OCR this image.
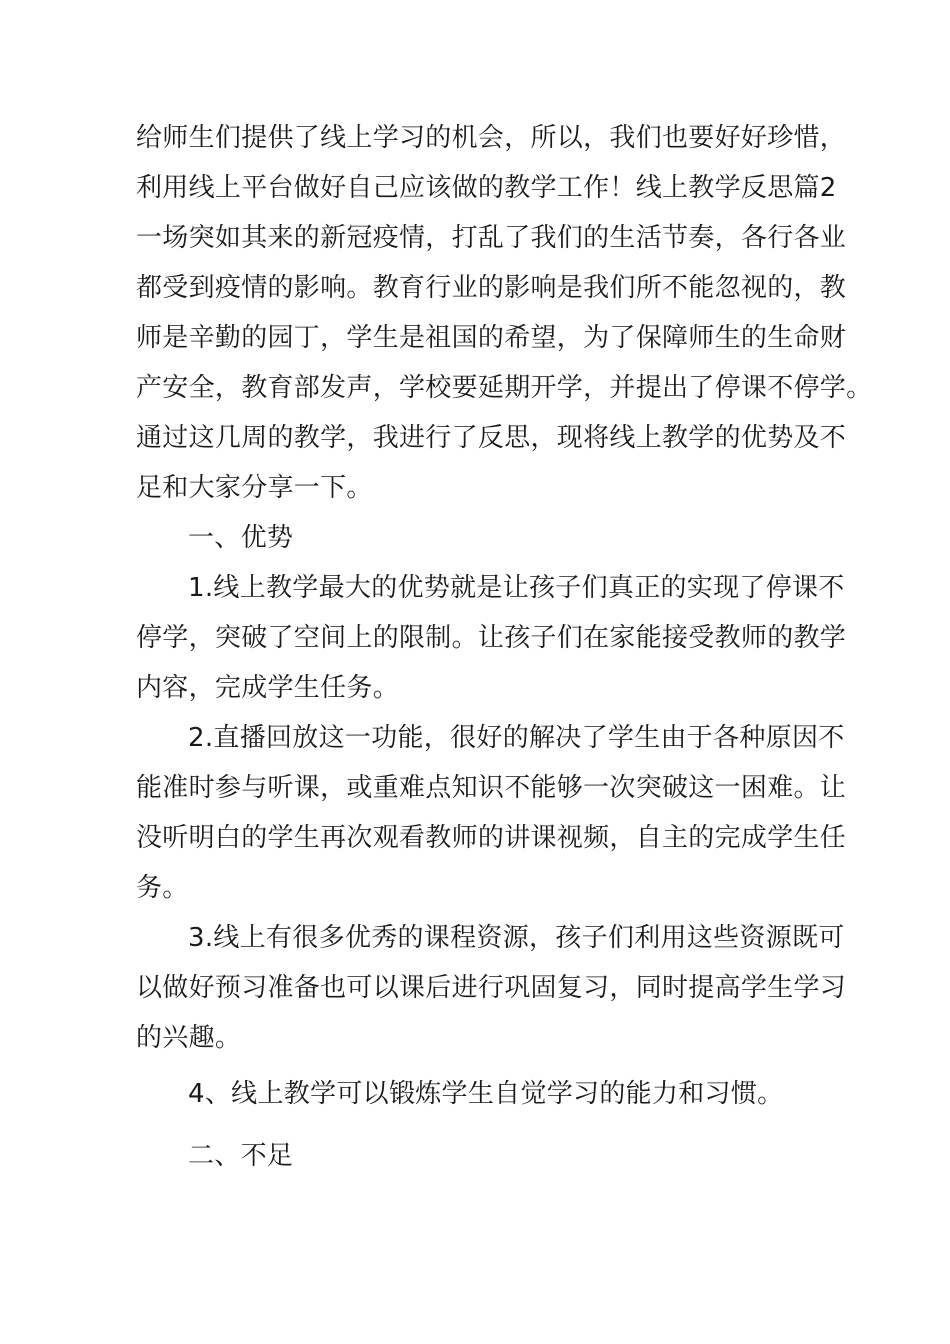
给师生们提供了线上学习的机会，所以，我们也要好好珍惜，
利用线上平台做好自己应该做的教学工作！线上教学反思篇2
一场突如其来的新冠疫情，打乱了我们的生活节奏，各行各业
都受到疫情的影响。教育行业的影响是我们所不能忽视的，教
师是辛勤的园丁，学生是祖国的希望，为了保障师生的生命财
产安全，教育部发声，学校要延期开学，并提出了停课不停学。
通过这几周的教学，我进行了反思，现将线上教学的优势及不
足和大家分享一下。
一、优势
1.线上教学最大的优势就是让孩子们真正的实现了停课不
停学，突破了空间上的限制。让孩子们在家能接受教师的教学
内容，完成学生任务。
2.直播回放这一功能，很好的解决了学生由于各种原因不
能准时参与听课，或重难点知识不能够一次突破这一困难。让
没听明白的学生再次观看教师的讲课视频，自主的完成学生任
务。
3.线上有很多优秀的课程资源，孩子们利用这些资源既可
以做好预习准备也可以课后进行巩固复习，同时提高学生学习
的兴趣。
4、线上教学可以锻炼学生自觉学习的能力和习惯。
二、不足
